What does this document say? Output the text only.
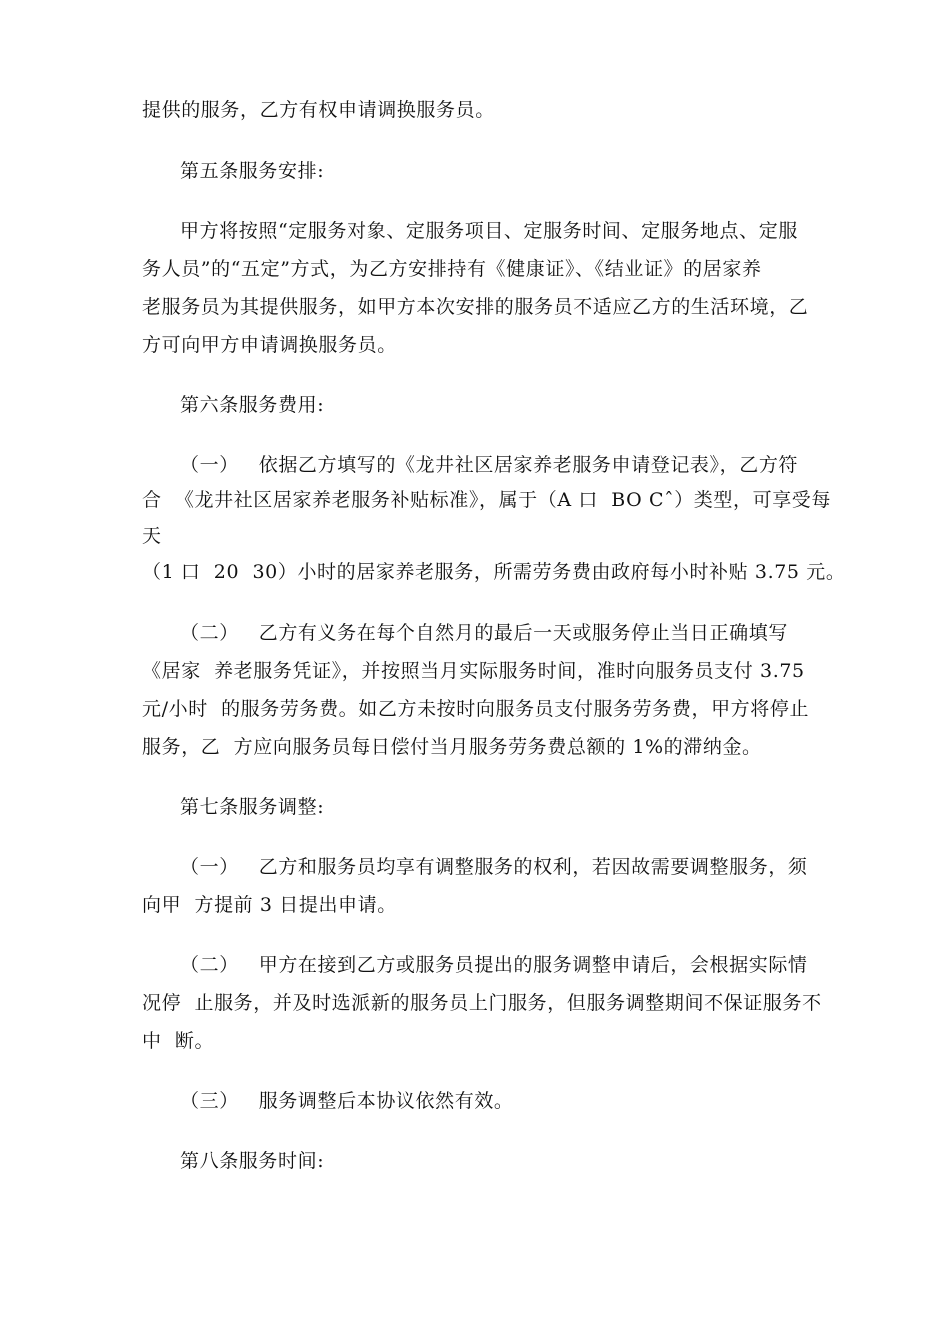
提供的服务，乙方有权申请调换服务员。
第五条服务安排:
甲方将按照“定服务对象、定服务项目、定服务时间、定服务地点、定服
务人员”的“五定”方式，为乙方安排持有《健康证》、《结业证》的居家养
老服务员为其提供服务，如甲方本次安排的服务员不适应乙方的生活环境，乙
方可向甲方申请调换服务员。
第六条服务费用:
（一）   依据乙方填写的《龙井社区居家养老服务申请登记表》，乙方符
合  《龙井社区居家养老服务补贴标准》，属于（A 口  BO Cˆ）类型，可享受每
天
（1 口  20  30）小时的居家养老服务，所需劳务费由政府每小时补贴 3.75 元。
（二）   乙方有义务在每个自然月的最后一天或服务停止当日正确填写
《居家  养老服务凭证》，并按照当月实际服务时间，准时向服务员支付 3.75
元/小时  的服务劳务费。如乙方未按时向服务员支付服务劳务费，甲方将停止
服务，乙  方应向服务员每日偿付当月服务劳务费总额的 1%的滞纳金。
第七条服务调整:
（一）   乙方和服务员均享有调整服务的权利，若因故需要调整服务，须
向甲  方提前 3 日提出申请。
（二）   甲方在接到乙方或服务员提出的服务调整申请后，会根据实际情
况停  止服务，并及时选派新的服务员上门服务，但服务调整期间不保证服务不
中  断。
（三）   服务调整后本协议依然有效。
第八条服务时间:
